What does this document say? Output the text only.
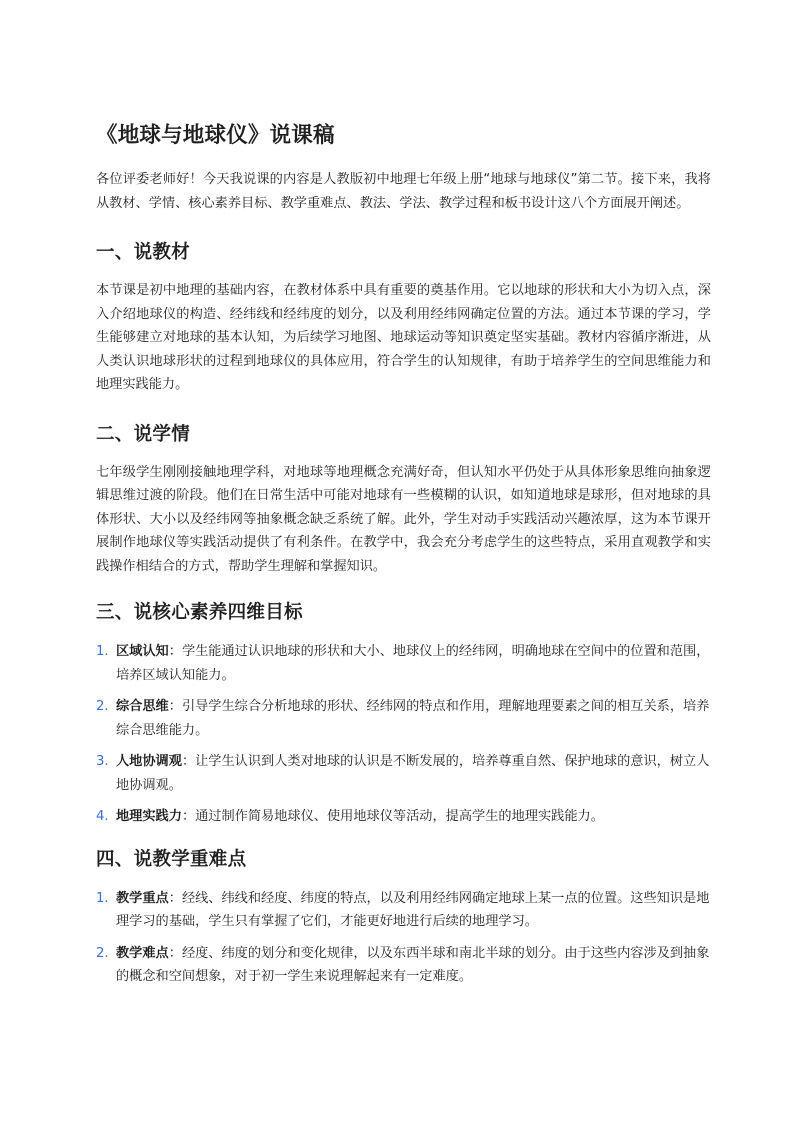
《地球与地球仪》说课稿

各位评委老师好！今天我说课的内容是人教版初中地理七年级上册“地球与地球仪”第二节。接下来，我将从教材、学情、核心素养目标、教学重难点、教法、学法、教学过程和板书设计这八个方面展开阐述。

一、说教材

本节课是初中地理的基础内容，在教材体系中具有重要的奠基作用。它以地球的形状和大小为切入点，深入介绍地球仪的构造、经纬线和经纬度的划分，以及利用经纬网确定位置的方法。通过本节课的学习，学生能够建立对地球的基本认知，为后续学习地图、地球运动等知识奠定坚实基础。教材内容循序渐进，从人类认识地球形状的过程到地球仪的具体应用，符合学生的认知规律，有助于培养学生的空间思维能力和地理实践能力。

二、说学情

七年级学生刚刚接触地理学科，对地球等地理概念充满好奇，但认知水平仍处于从具体形象思维向抽象逻辑思维过渡的阶段。他们在日常生活中可能对地球有一些模糊的认识，如知道地球是球形，但对地球的具体形状、大小以及经纬网等抽象概念缺乏系统了解。此外，学生对动手实践活动兴趣浓厚，这为本节课开展制作地球仪等实践活动提供了有利条件。在教学中，我会充分考虑学生的这些特点，采用直观教学和实践操作相结合的方式，帮助学生理解和掌握知识。

三、说核心素养四维目标
1. 区域认知：学生能通过认识地球的形状和大小、地球仪上的经纬网，明确地球在空间中的位置和范围，培养区域认知能力。
2. 综合思维：引导学生综合分析地球的形状、经纬网的特点和作用，理解地理要素之间的相互关系，培养综合思维能力。
3. 人地协调观：让学生认识到人类对地球的认识是不断发展的，培养尊重自然、保护地球的意识，树立人地协调观。
4. 地理实践力：通过制作简易地球仪、使用地球仪等活动，提高学生的地理实践能力。
四、说教学重难点
1. 教学重点：经线、纬线和经度、纬度的特点，以及利用经纬网确定地球上某一点的位置。这些知识是地理学习的基础，学生只有掌握了它们，才能更好地进行后续的地理学习。
2. 教学难点：经度、纬度的划分和变化规律，以及东西半球和南北半球的划分。由于这些内容涉及到抽象的概念和空间想象，对于初一学生来说理解起来有一定难度。
